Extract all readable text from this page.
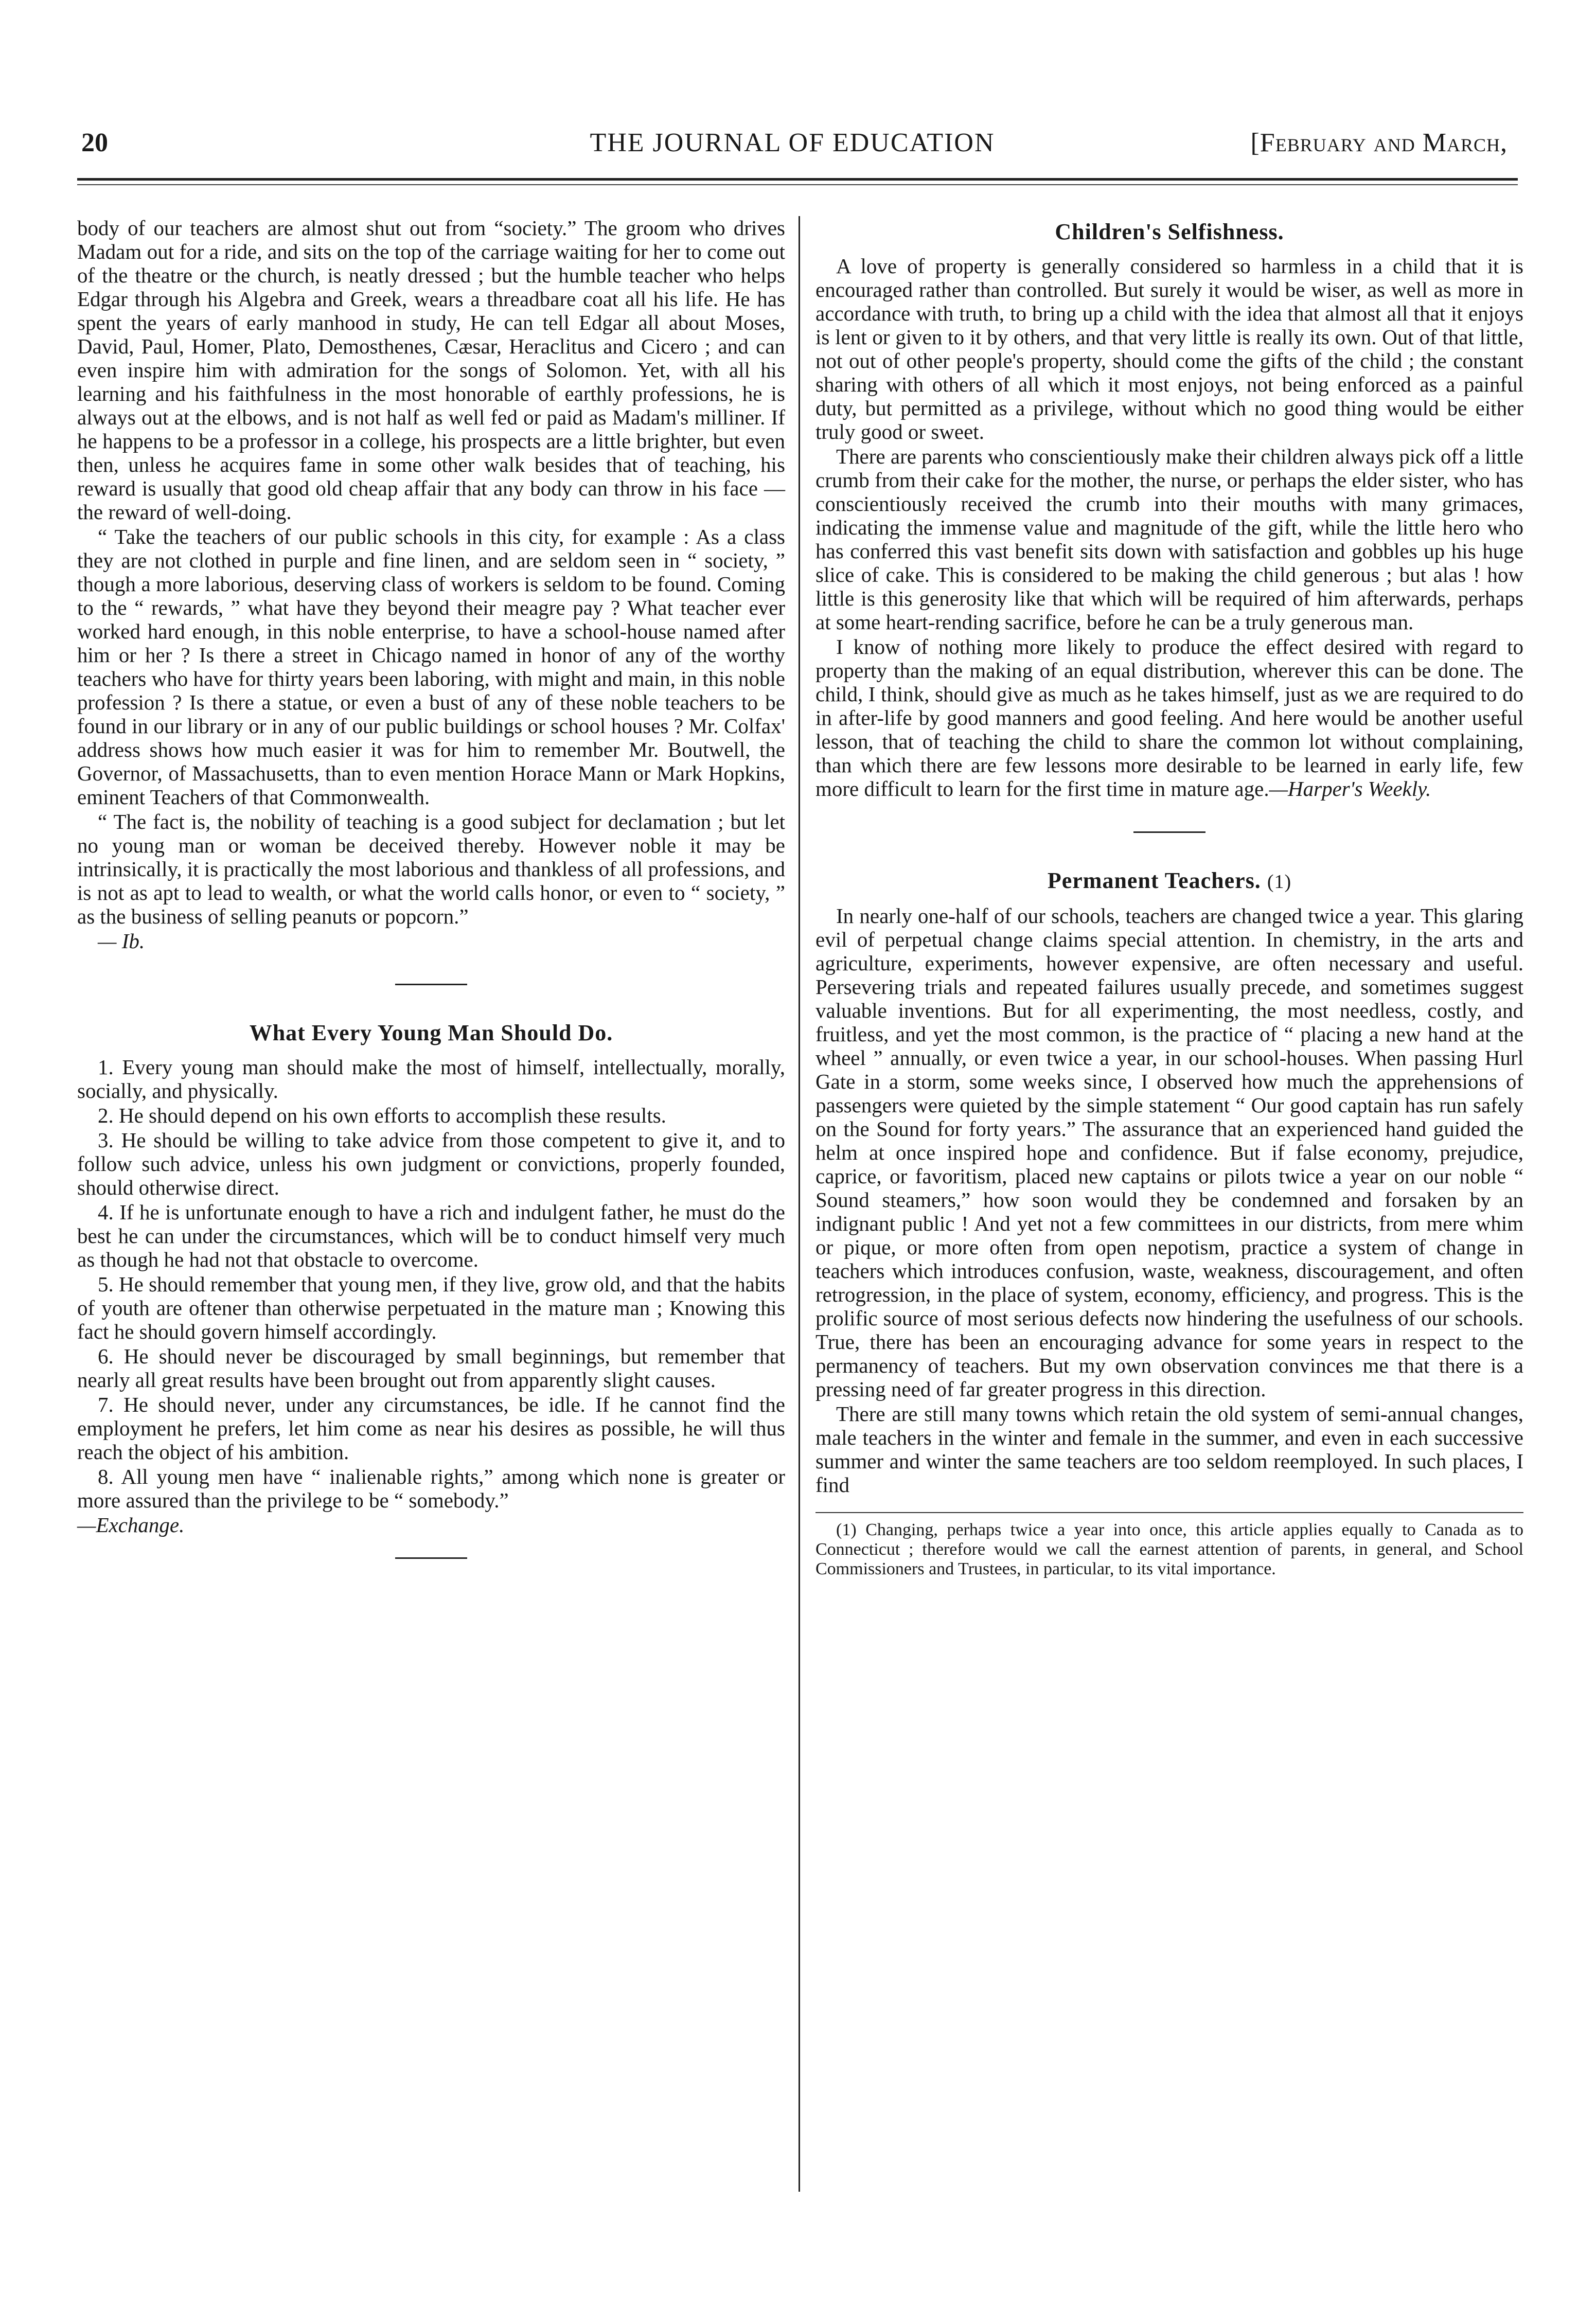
20	THE JOURNAL OF EDUCATION	[February and March,

body of our teachers are almost shut out from “society.” The groom who drives Madam out for a ride, and sits on the top of the carriage waiting for her to come out of the theatre or the church, is neatly dressed ; but the humble teacher who helps Edgar through his Algebra and Greek, wears a threadbare coat all his life. He has spent the years of early manhood in study, He can tell Edgar all about Moses, David, Paul, Homer, Plato, Demosthenes, Cæsar, Heraclitus and Cicero ; and can even inspire him with admiration for the songs of Solomon. Yet, with all his learning and his faithfulness in the most honorable of earthly professions, he is always out at the elbows, and is not half as well fed or paid as Madam's milliner. If he happens to be a professor in a college, his prospects are a little brighter, but even then, unless he acquires fame in some other walk besides that of teaching, his reward is usually that good old cheap affair that any body can throw in his face — the reward of well-doing.

“ Take the teachers of our public schools in this city, for example : As a class they are not clothed in purple and fine linen, and are seldom seen in “ society, ” though a more laborious, deserving class of workers is seldom to be found. Coming to the “ rewards, ” what have they beyond their meagre pay ? What teacher ever worked hard enough, in this noble enterprise, to have a school-house named after him or her ? Is there a street in Chicago named in honor of any of the worthy teachers who have for thirty years been laboring, with might and main, in this noble profession ? Is there a statue, or even a bust of any of these noble teachers to be found in our library or in any of our public buildings or school houses ? Mr. Colfax' address shows how much easier it was for him to remember Mr. Boutwell, the Governor, of Massachusetts, than to even mention Horace Mann or Mark Hopkins, eminent Teachers of that Commonwealth.

“ The fact is, the nobility of teaching is a good subject for declamation ; but let no young man or woman be deceived thereby. However noble it may be intrinsically, it is practically the most laborious and thankless of all professions, and is not as apt to lead to wealth, or what the world calls honor, or even to “ society, ” as the business of selling peanuts or popcorn.”

— Ib.

What Every Young Man Should Do.

1. Every young man should make the most of himself, intellectually, morally, socially, and physically.

2. He should depend on his own efforts to accomplish these results.

3. He should be willing to take advice from those competent to give it, and to follow such advice, unless his own judgment or convictions, properly founded, should otherwise direct.

4. If he is unfortunate enough to have a rich and indulgent father, he must do the best he can under the circumstances, which will be to conduct himself very much as though he had not that obstacle to overcome.

5. He should remember that young men, if they live, grow old, and that the habits of youth are oftener than otherwise perpetuated in the mature man ; Knowing this fact he should govern himself accordingly.

6. He should never be discouraged by small beginnings, but remember that nearly all great results have been brought out from apparently slight causes.

7. He should never, under any circumstances, be idle. If he cannot find the employment he prefers, let him come as near his desires as possible, he will thus reach the object of his ambition.

8. All young men have “ inalienable rights,” among which none is greater or more assured than the privilege to be “ somebody.”

—Exchange.

Children's Selfishness.

A love of property is generally considered so harmless in a child that it is encouraged rather than controlled. But surely it would be wiser, as well as more in accordance with truth, to bring up a child with the idea that almost all that it enjoys is lent or given to it by others, and that very little is really its own. Out of that little, not out of other people's property, should come the gifts of the child ; the constant sharing with others of all which it most enjoys, not being enforced as a painful duty, but permitted as a privilege, without which no good thing would be either truly good or sweet.

There are parents who conscientiously make their children always pick off a little crumb from their cake for the mother, the nurse, or perhaps the elder sister, who has conscientiously received the crumb into their mouths with many grimaces, indicating the immense value and magnitude of the gift, while the little hero who has conferred this vast benefit sits down with satisfaction and gobbles up his huge slice of cake. This is considered to be making the child generous ; but alas ! how little is this generosity like that which will be required of him afterwards, perhaps at some heart-rending sacrifice, before he can be a truly generous man.

I know of nothing more likely to produce the effect desired with regard to property than the making of an equal distribution, wherever this can be done. The child, I think, should give as much as he takes himself, just as we are required to do in after-life by good manners and good feeling. And here would be another useful lesson, that of teaching the child to share the common lot without complaining, than which there are few lessons more desirable to be learned in early life, few more difficult to learn for the first time in mature age.—Harper's Weekly.

Permanent Teachers. (1)

In nearly one-half of our schools, teachers are changed twice a year. This glaring evil of perpetual change claims special attention. In chemistry, in the arts and agriculture, experiments, however expensive, are often necessary and useful. Persevering trials and repeated failures usually precede, and sometimes suggest valuable inventions. But for all experimenting, the most needless, costly, and fruitless, and yet the most common, is the practice of “ placing a new hand at the wheel ” annually, or even twice a year, in our school-houses. When passing Hurl Gate in a storm, some weeks since, I observed how much the apprehensions of passengers were quieted by the simple statement “ Our good captain has run safely on the Sound for forty years.” The assurance that an experienced hand guided the helm at once inspired hope and confidence. But if false economy, prejudice, caprice, or favoritism, placed new captains or pilots twice a year on our noble “ Sound steamers,” how soon would they be condemned and forsaken by an indignant public ! And yet not a few committees in our districts, from mere whim or pique, or more often from open nepotism, practice a system of change in teachers which introduces confusion, waste, weakness, discouragement, and often retrogression, in the place of system, economy, efficiency, and progress. This is the prolific source of most serious defects now hindering the usefulness of our schools. True, there has been an encouraging advance for some years in respect to the permanency of teachers. But my own observation convinces me that there is a pressing need of far greater progress in this direction.

There are still many towns which retain the old system of semi-annual changes, male teachers in the winter and female in the summer, and even in each successive summer and winter the same teachers are too seldom reemployed. In such places, I find

(1) Changing, perhaps twice a year into once, this article applies equally to Canada as to Connecticut ; therefore would we call the earnest attention of parents, in general, and School Commissioners and Trustees, in particular, to its vital importance.
